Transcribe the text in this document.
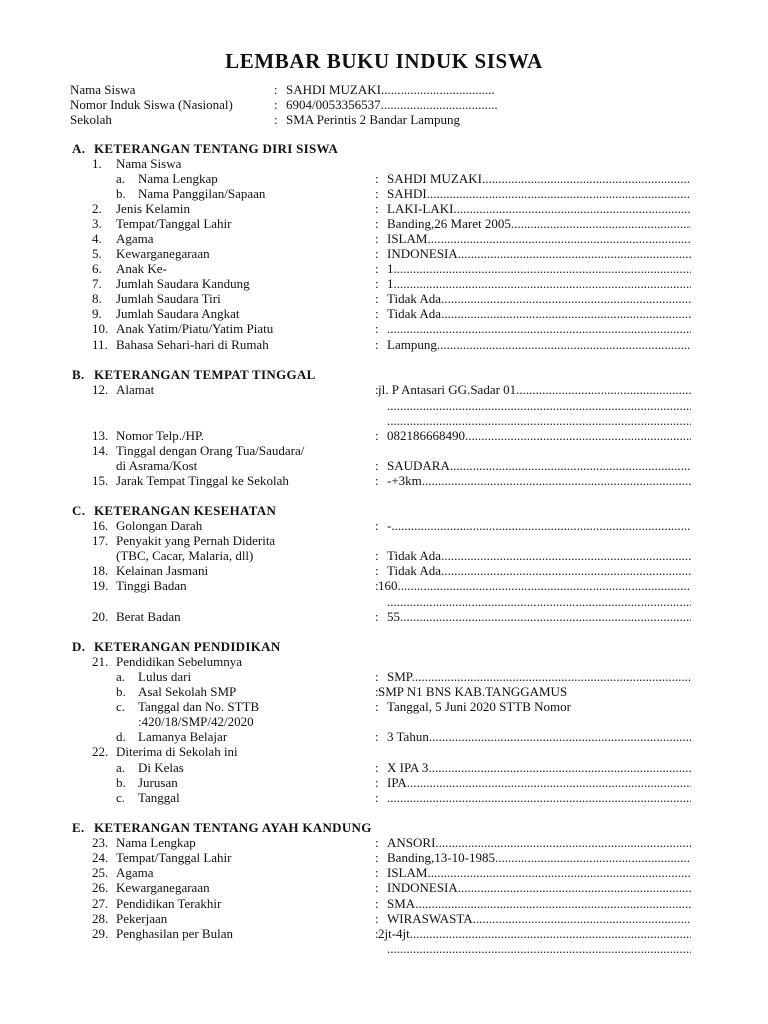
LEMBAR BUKU INDUK SISWA
Nama Siswa	: SAHDI MUZAKI...................................
Nomor Induk Siswa (Nasional)	: 6904/0053356537....................................
Sekolah	: SMA Perintis 2 Bandar Lampung
A. KETERANGAN TENTANG DIRI SISWA
1.	Nama Siswa
a. Nama Lengkap	: SAHDI MUZAKI .....
b. Nama Panggilan/Sapaan	: SAHDI .....
2.	Jenis Kelamin	: LAKI-LAKI .....
3.	Tempat/Tanggal Lahir	: Banding,26 Maret 2005 .....
4.	Agama	: ISLAM .....
5.	Kewarganegaraan	: INDONESIA .....
6.	Anak Ke-	: 1 .....
7.	Jumlah Saudara Kandung	: 1 .....
8.	Jumlah Saudara Tiri	: Tidak Ada .....
9.	Jumlah Saudara Angkat	: Tidak Ada .....
10. Anak Yatim/Piatu/Yatim Piatu	:
.....
11. Bahasa Sehari-hari di Rumah	: Lampung .....
B. KETERANGAN TEMPAT TINGGAL
12. Alamat	: jl. P Antasari GG.Sadar 01 .....
.....
.....
13. Nomor Telp./HP.	: 082186668490 .....
14. Tinggal dengan Orang Tua/Saudara/
di Asrama/Kost	: SAUDARA .....
15. Jarak Tempat Tinggal ke Sekolah	: -+3km .....
C. KETERANGAN KESEHATAN
16. Golongan Darah	: - .....
17. Penyakit yang Pernah Diderita
(TBC, Cacar, Malaria, dll)	: Tidak Ada .....
18. Kelainan Jasmani	: Tidak Ada .....
19. Tinggi Badan	: 160 .....
.....
20. Berat Badan	: 55 .....
D. KETERANGAN PENDIDIKAN
21. Pendidikan Sebelumnya
a. Lulus dari	: SMP .....
b. Asal Sekolah SMP	: SMP N1 BNS KAB.TANGGAMUS
c. Tanggal dan No. STTB	: Tanggal, 5 Juni 2020 STTB Nomor
:420/18/SMP/42/2020
d. Lamanya Belajar	: 3 Tahun .....
22. Diterima di Sekolah ini
a. Di Kelas	: X IPA 3 .....
b. Jurusan	: IPA .....
c. Tanggal	:
.....
E. KETERANGAN TENTANG AYAH KANDUNG
23. Nama Lengkap	: ANSORI .....
24. Tempat/Tanggal Lahir	: Banding,13-10-1985 .....
25. Agama	: ISLAM .....
26. Kewarganegaraan	: INDONESIA .....
27. Pendidikan Terakhir	: SMA .....
28. Pekerjaan	: WIRASWASTA .....
29. Penghasilan per Bulan	: 2jt-4jt .....
.....
